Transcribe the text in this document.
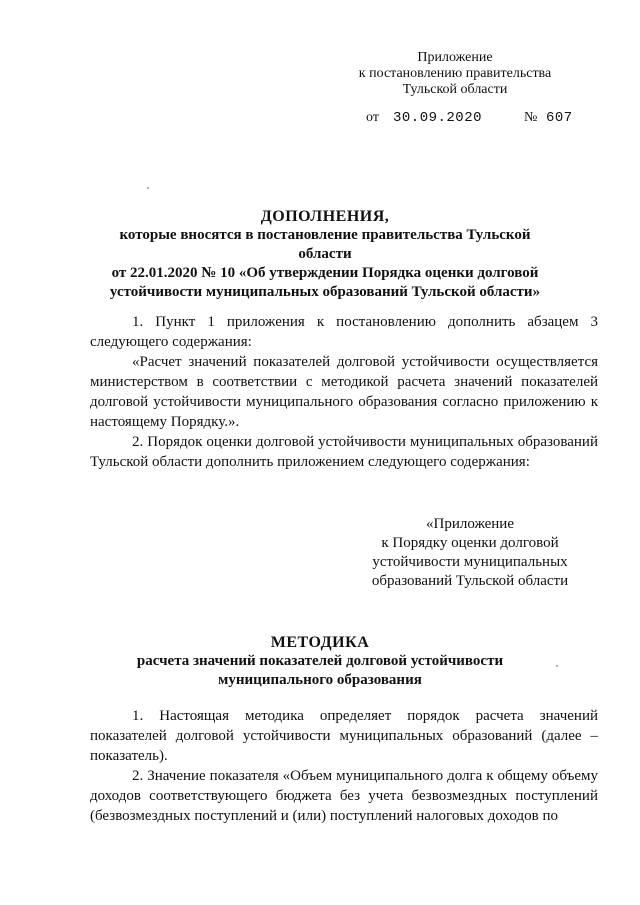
Приложение
к постановлению правительства
Тульской области
от 30.09.2020	№ 607
ДОПОЛНЕНИЯ,
которые вносятся в постановление правительства Тульской области
от 22.01.2020 № 10 «Об утверждении Порядка оценки долговой
устойчивости муниципальных образований Тульской области»

1. Пункт 1 приложения к постановлению дополнить абзацем 3 следующего содержания:

«Расчет значений показателей долговой устойчивости осуществляется министерством в соответствии с методикой расчета значений показателей долговой устойчивости муниципального образования согласно приложению к настоящему Порядку.».

2. Порядок оценки долговой устойчивости муниципальных образований Тульской области дополнить приложением следующего содержания:

«Приложение
к Порядку оценки долговой
устойчивости муниципальных
образований Тульской области
МЕТОДИКА
расчета значений показателей долговой устойчивости
муниципального образования

1. Настоящая методика определяет порядок расчета значений показателей долговой устойчивости муниципальных образований (далее – показатель).

2. Значение показателя «Объем муниципального долга к общему объему доходов соответствующего бюджета без учета безвозмездных поступлений (безвозмездных поступлений и (или) поступлений налоговых доходов по
